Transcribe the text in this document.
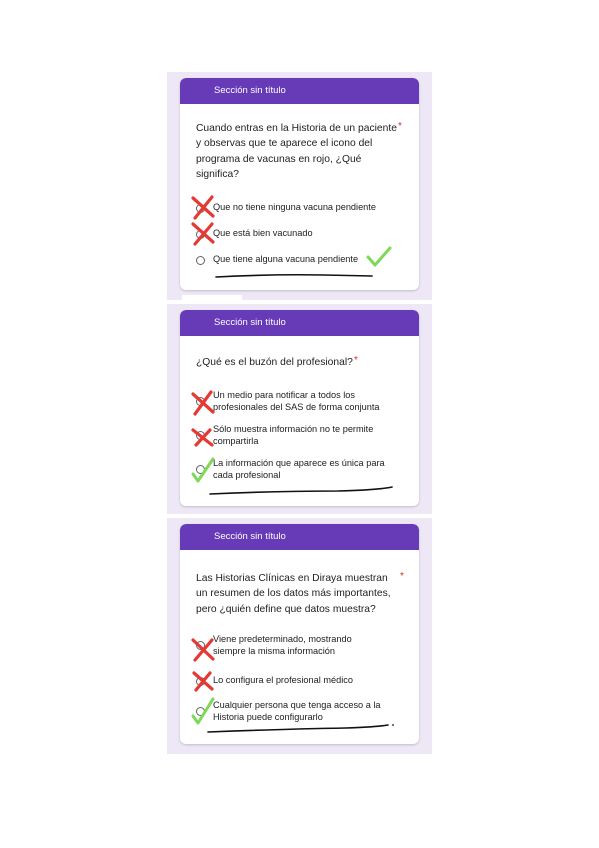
Sección sin título
Cuando entras en la Historia de un paciente
y observas que te aparece el icono del
programa de vacunas en rojo, ¿Qué
significa?
*
Que no tiene ninguna vacuna pendiente
Que está bien vacunado
Que tiene alguna vacuna pendiente
Sección sin título
¿Qué es el buzón del profesional? *
Un medio para notificar a todos los
profesionales del SAS de forma conjunta
Sólo muestra información no te permite
compartirla
La información que aparece es única para
cada profesional
Sección sin título
Las Historias Clínicas en Diraya muestran
un resumen de los datos más importantes,
pero ¿quién define que datos muestra?
*
Viene predeterminado, mostrando
siempre la misma información
Lo configura el profesional médico
Cualquier persona que tenga acceso a la
Historia puede configurarlo
